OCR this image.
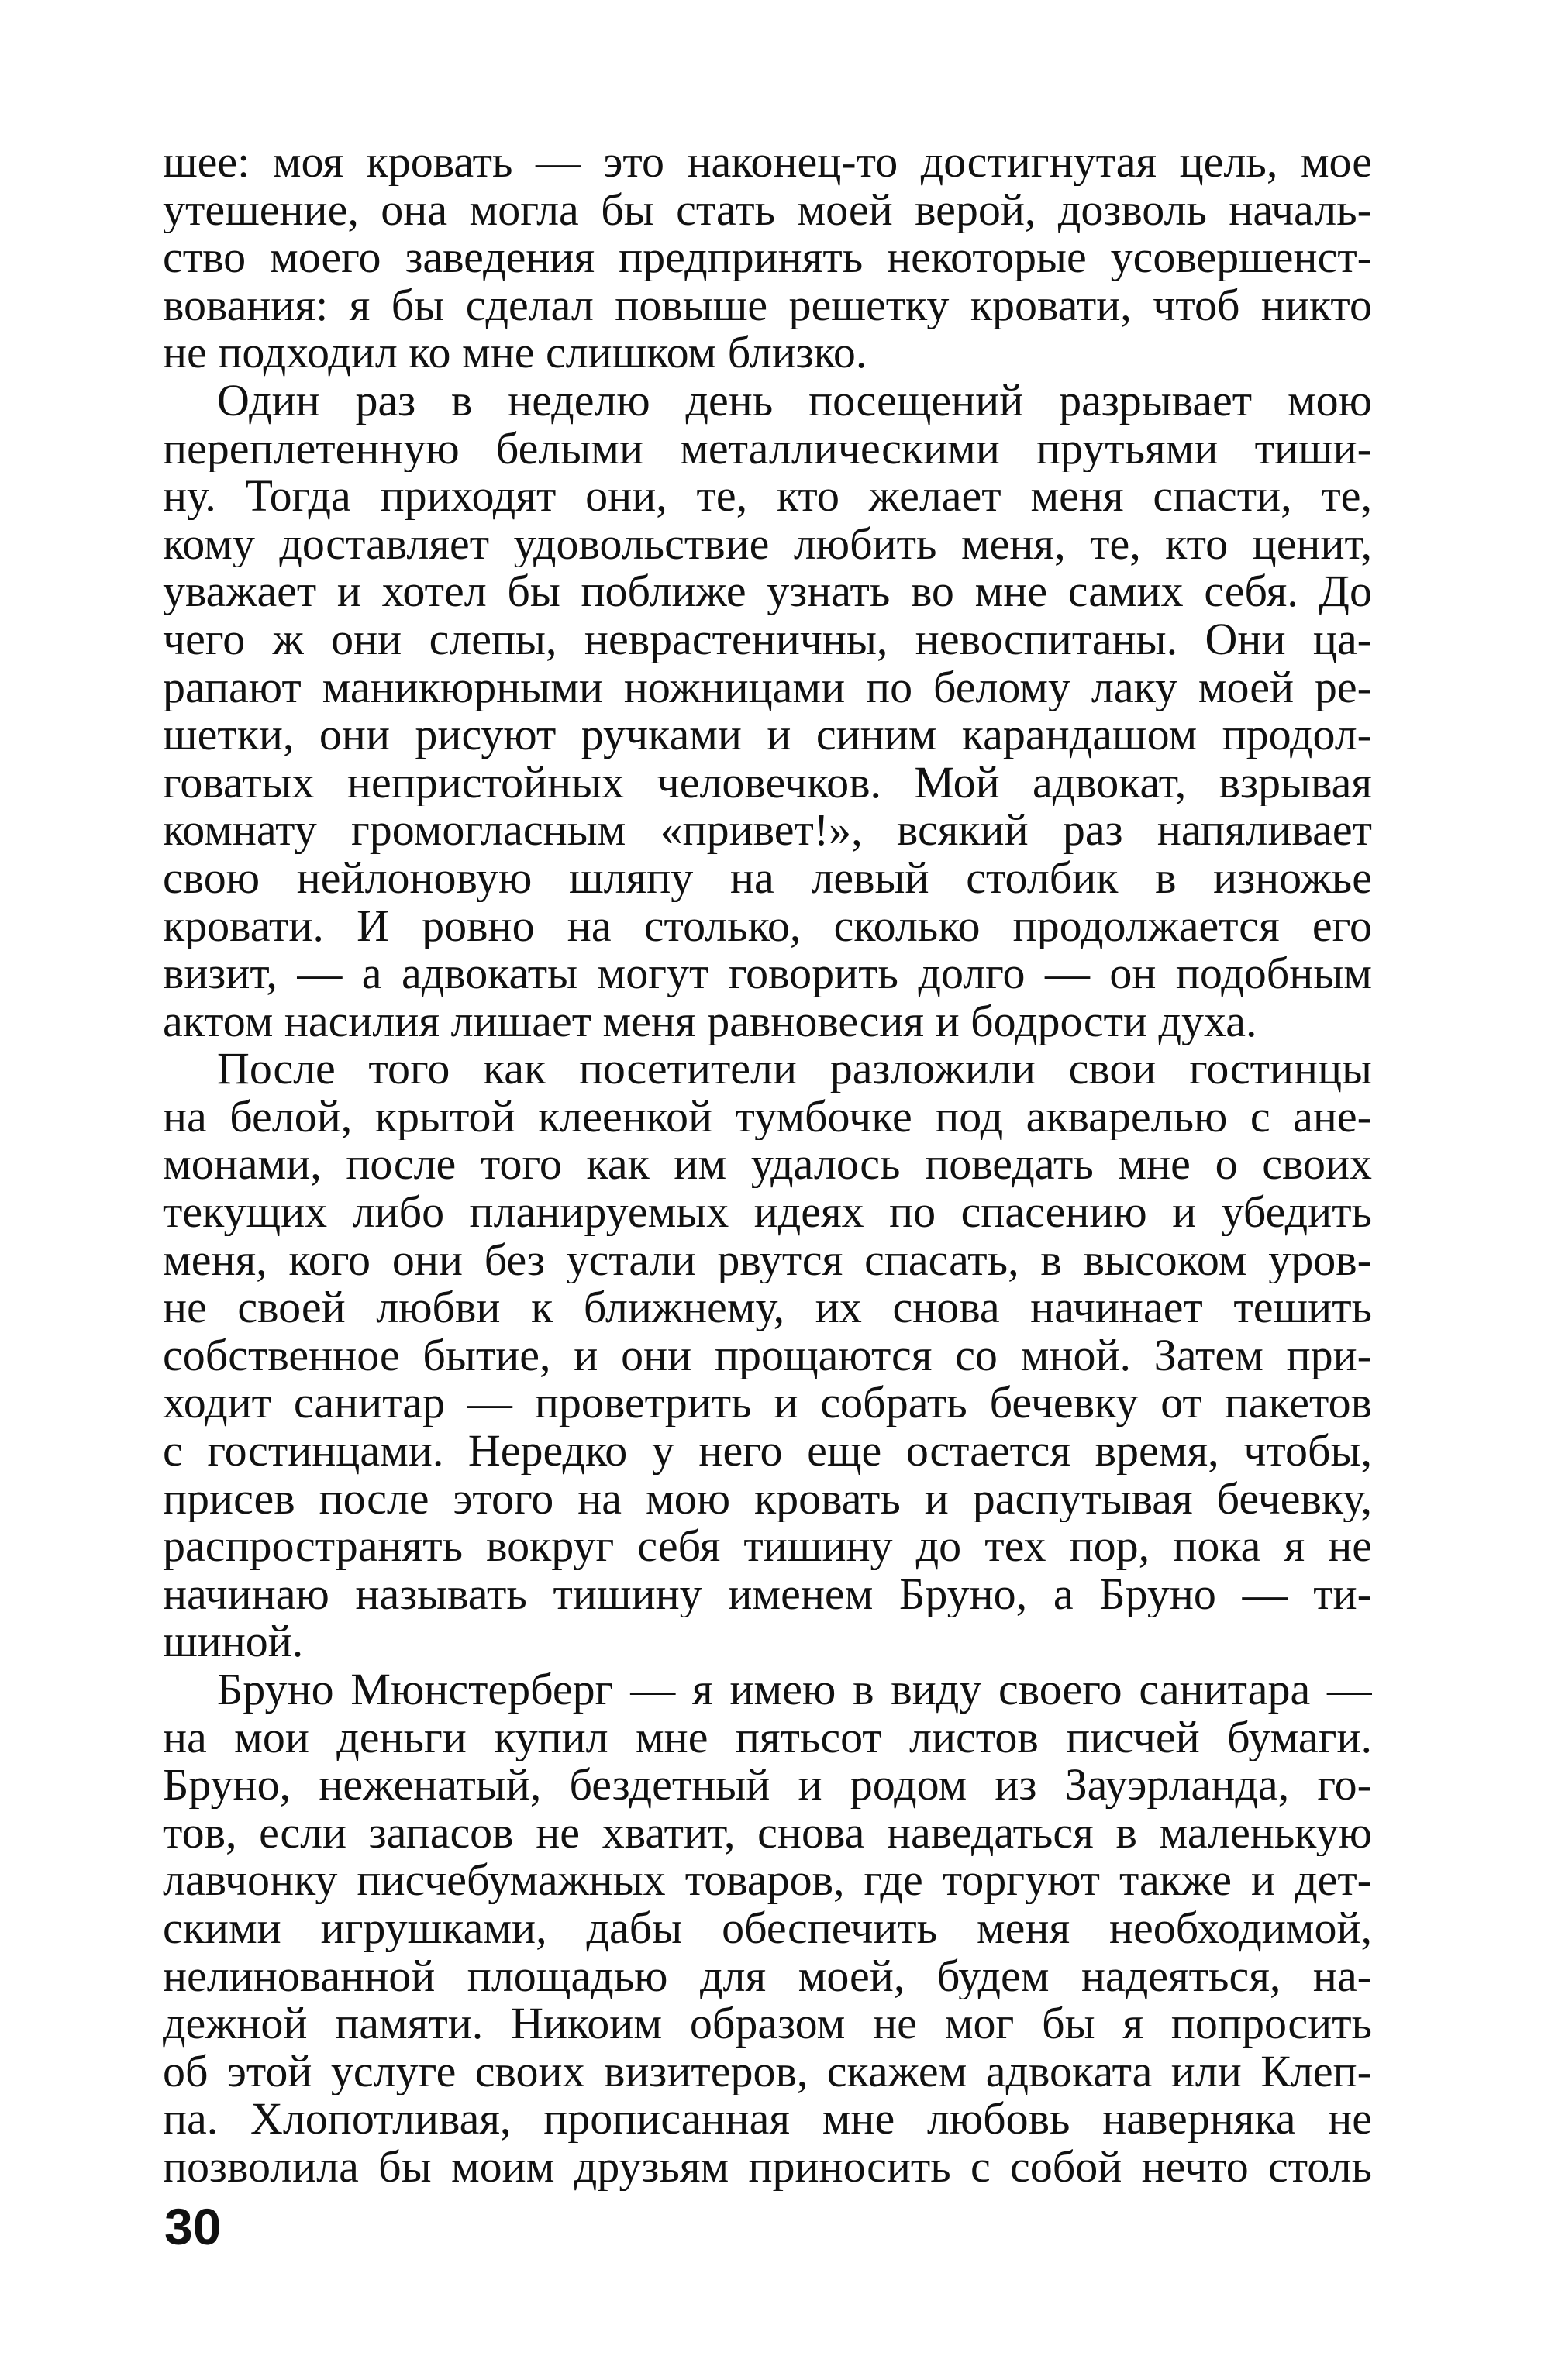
шее: моя кровать — это наконец-то достигнутая цель, мое
утешение, она могла бы стать моей верой, дозволь началь-
ство моего заведения предпринять некоторые усовершенст-
вования: я бы сделал повыше решетку кровати, чтоб никто
не подходил ко мне слишком близко.
Один раз в неделю день посещений разрывает мою
переплетенную белыми металлическими прутьями тиши-
ну. Тогда приходят они, те, кто желает меня спасти, те,
кому доставляет удовольствие любить меня, те, кто ценит,
уважает и хотел бы поближе узнать во мне самих себя. До
чего ж они слепы, неврастеничны, невоспитаны. Они ца-
рапают маникюрными ножницами по белому лаку моей ре-
шетки, они рисуют ручками и синим карандашом продол-
говатых непристойных человечков. Мой адвокат, взрывая
комнату громогласным «привет!», всякий раз напяливает
свою нейлоновую шляпу на левый столбик в изножье
кровати. И ровно на столько, сколько продолжается его
визит, — а адвокаты могут говорить долго — он подобным
актом насилия лишает меня равновесия и бодрости духа.
После того как посетители разложили свои гостинцы
на белой, крытой клеенкой тумбочке под акварелью с ане-
монами, после того как им удалось поведать мне о своих
текущих либо планируемых идеях по спасению и убедить
меня, кого они без устали рвутся спасать, в высоком уров-
не своей любви к ближнему, их снова начинает тешить
собственное бытие, и они прощаются со мной. Затем при-
ходит санитар — проветрить и собрать бечевку от пакетов
с гостинцами. Нередко у него еще остается время, чтобы,
присев после этого на мою кровать и распутывая бечевку,
распространять вокруг себя тишину до тех пор, пока я не
начинаю называть тишину именем Бруно, а Бруно — ти-
шиной.
Бруно Мюнстерберг — я имею в виду своего санитара —
на мои деньги купил мне пятьсот листов писчей бумаги.
Бруно, неженатый, бездетный и родом из Зауэрланда, го-
тов, если запасов не хватит, снова наведаться в маленькую
лавчонку писчебумажных товаров, где торгуют также и дет-
скими игрушками, дабы обеспечить меня необходимой,
нелинованной площадью для моей, будем надеяться, на-
дежной памяти. Никоим образом не мог бы я попросить
об этой услуге своих визитеров, скажем адвоката или Клеп-
па. Хлопотливая, прописанная мне любовь наверняка не
позволила бы моим друзьям приносить с собой нечто столь
30
